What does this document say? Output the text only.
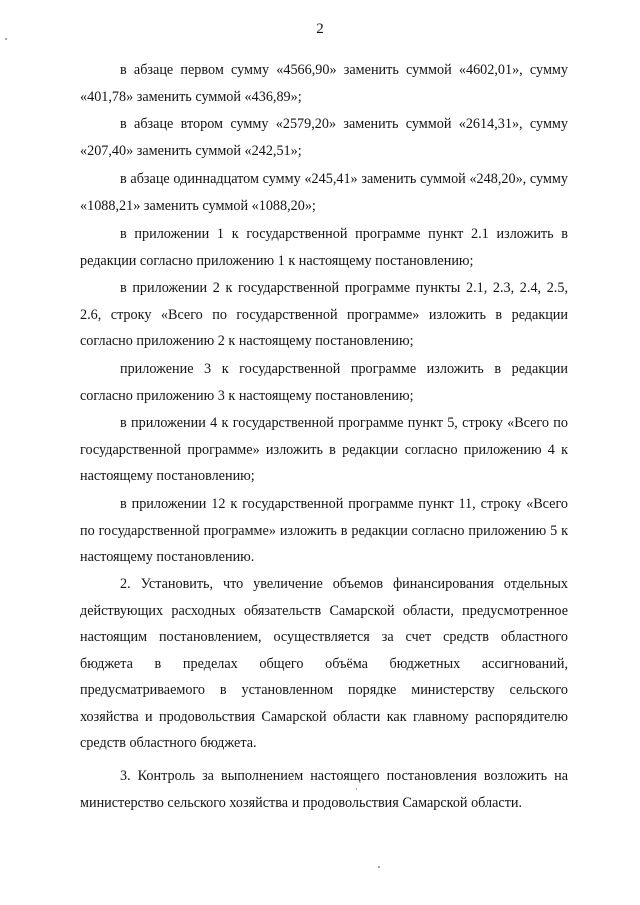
2

в абзаце первом сумму «4566,90» заменить суммой «4602,01», сумму «401,78» заменить суммой «436,89»;

в абзаце втором сумму «2579,20» заменить суммой «2614,31», сумму «207,40» заменить суммой «242,51»;

в абзаце одиннадцатом сумму «245,41» заменить суммой «248,20», сумму «1088,21» заменить суммой «1088,20»;

в приложении 1 к государственной программе пункт 2.1 изложить в редакции согласно приложению 1 к настоящему постановлению;

в приложении 2 к государственной программе пункты 2.1, 2.3, 2.4, 2.5, 2.6, строку «Всего по государственной программе» изложить в редакции согласно приложению 2 к настоящему постановлению;

приложение 3 к государственной программе изложить в редакции согласно приложению 3 к настоящему постановлению;

в приложении 4 к государственной программе пункт 5, строку «Всего по государственной программе» изложить в редакции согласно приложению 4 к настоящему постановлению;

в приложении 12 к государственной программе пункт 11, строку «Всего по государственной программе» изложить в редакции согласно приложению 5 к настоящему постановлению.

2. Установить, что увеличение объемов финансирования отдельных действующих расходных обязательств Самарской области, предусмотренное настоящим постановлением, осуществляется за счет средств областного бюджета в пределах общего объёма бюджетных ассигнований, предусматриваемого в установленном порядке министерству сельского хозяйства и продовольствия Самарской области как главному распорядителю средств областного бюджета.

3. Контроль за выполнением настоящего постановления возложить на министерство сельского хозяйства и продовольствия Самарской области.
